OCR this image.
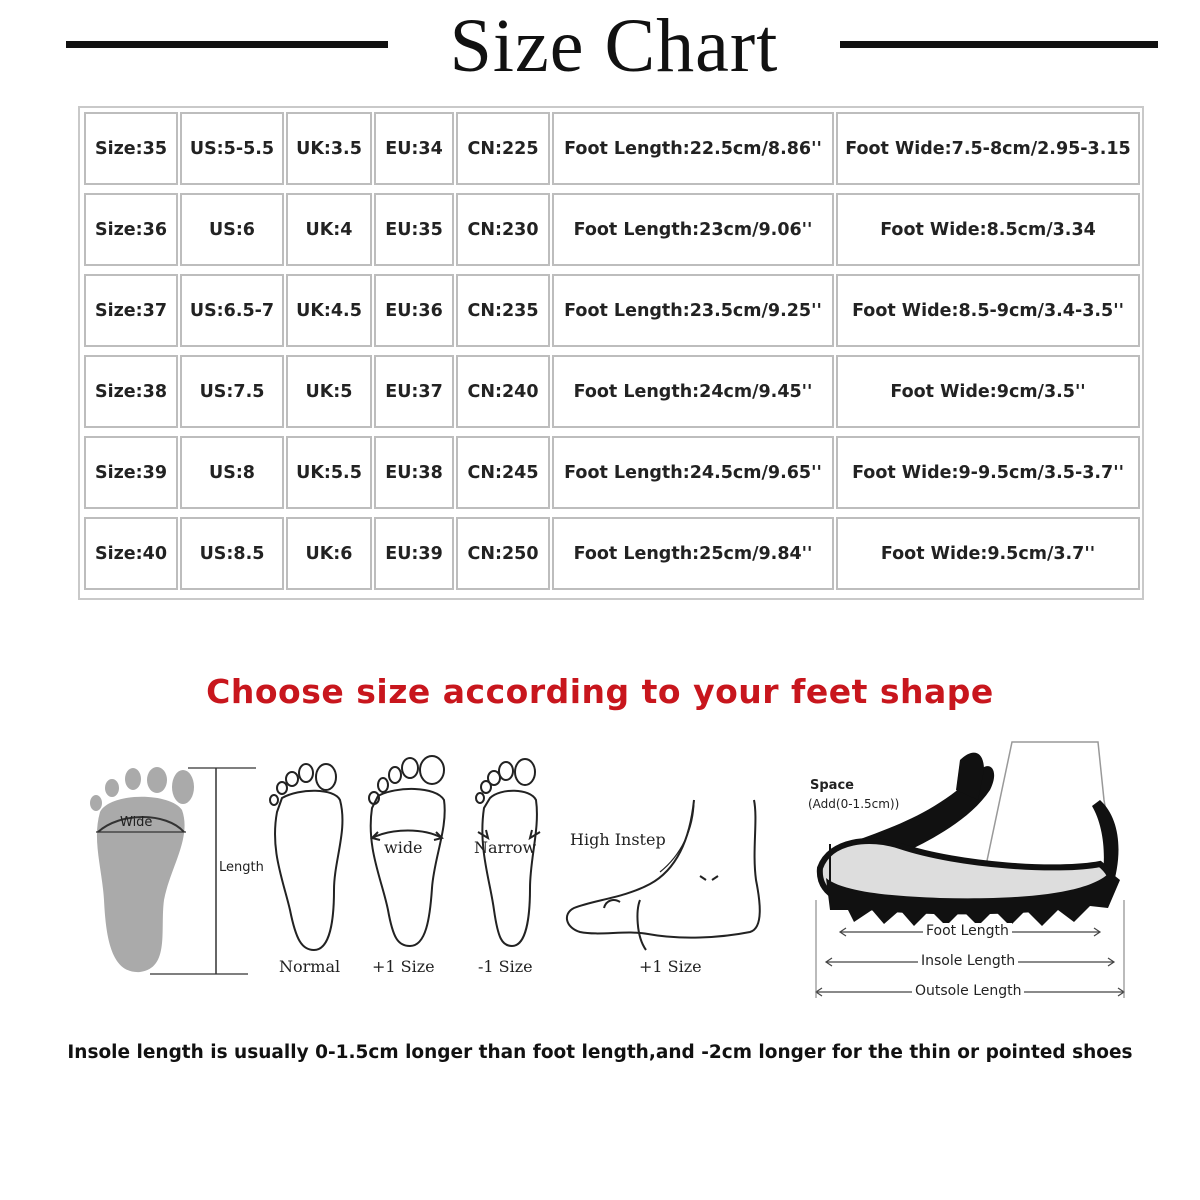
Size Chart
Size:35	US:5-5.5	UK:3.5	EU:34	CN:225	Foot Length:22.5cm/8.86''	Foot Wide:7.5-8cm/2.95-3.15
Size:36	US:6	UK:4	EU:35	CN:230	Foot Length:23cm/9.06''	Foot Wide:8.5cm/3.34
Size:37	US:6.5-7	UK:4.5	EU:36	CN:235	Foot Length:23.5cm/9.25''	Foot Wide:8.5-9cm/3.4-3.5''
Size:38	US:7.5	UK:5	EU:37	CN:240	Foot Length:24cm/9.45''	Foot Wide:9cm/3.5''
Size:39	US:8	UK:5.5	EU:38	CN:245	Foot Length:24.5cm/9.65''	Foot Wide:9-9.5cm/3.5-3.7''
Size:40	US:8.5	UK:6	EU:39	CN:250	Foot Length:25cm/9.84''	Foot Wide:9.5cm/3.7''
Choose size according to your feet shape
Wide
Length
Normal
wide
+1 Size
Narrow
-1 Size
High Instep
+1 Size
Space
(Add(0-1.5cm))
Foot Length
Insole Length
Outsole Length
Insole length is usually 0-1.5cm longer than foot length,and -2cm longer for the thin or pointed shoes
